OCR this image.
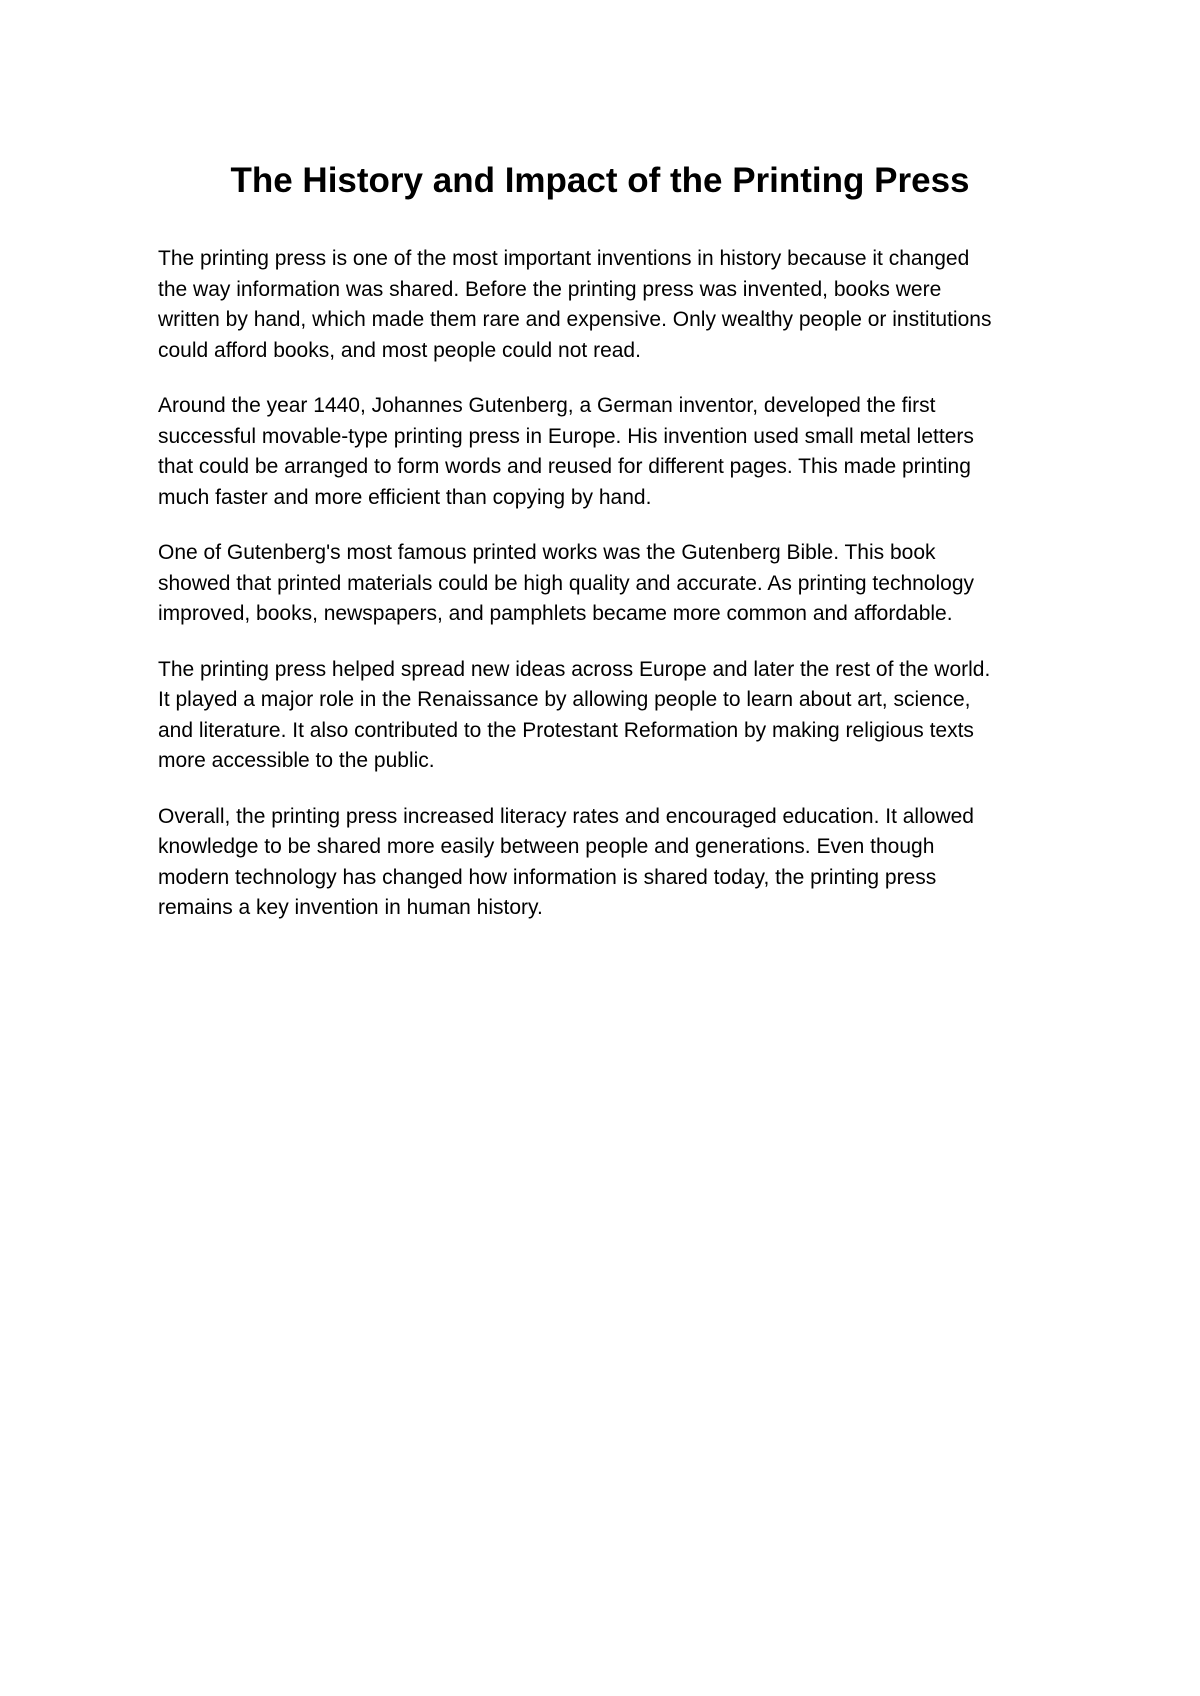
The History and Impact of the Printing Press

The printing press is one of the most important inventions in history because it changed
the way information was shared. Before the printing press was invented, books were
written by hand, which made them rare and expensive. Only wealthy people or institutions
could afford books, and most people could not read.

Around the year 1440, Johannes Gutenberg, a German inventor, developed the first
successful movable-type printing press in Europe. His invention used small metal letters
that could be arranged to form words and reused for different pages. This made printing
much faster and more efficient than copying by hand.

One of Gutenberg's most famous printed works was the Gutenberg Bible. This book
showed that printed materials could be high quality and accurate. As printing technology
improved, books, newspapers, and pamphlets became more common and affordable.

The printing press helped spread new ideas across Europe and later the rest of the world.
It played a major role in the Renaissance by allowing people to learn about art, science,
and literature. It also contributed to the Protestant Reformation by making religious texts
more accessible to the public.

Overall, the printing press increased literacy rates and encouraged education. It allowed
knowledge to be shared more easily between people and generations. Even though
modern technology has changed how information is shared today, the printing press
remains a key invention in human history.
